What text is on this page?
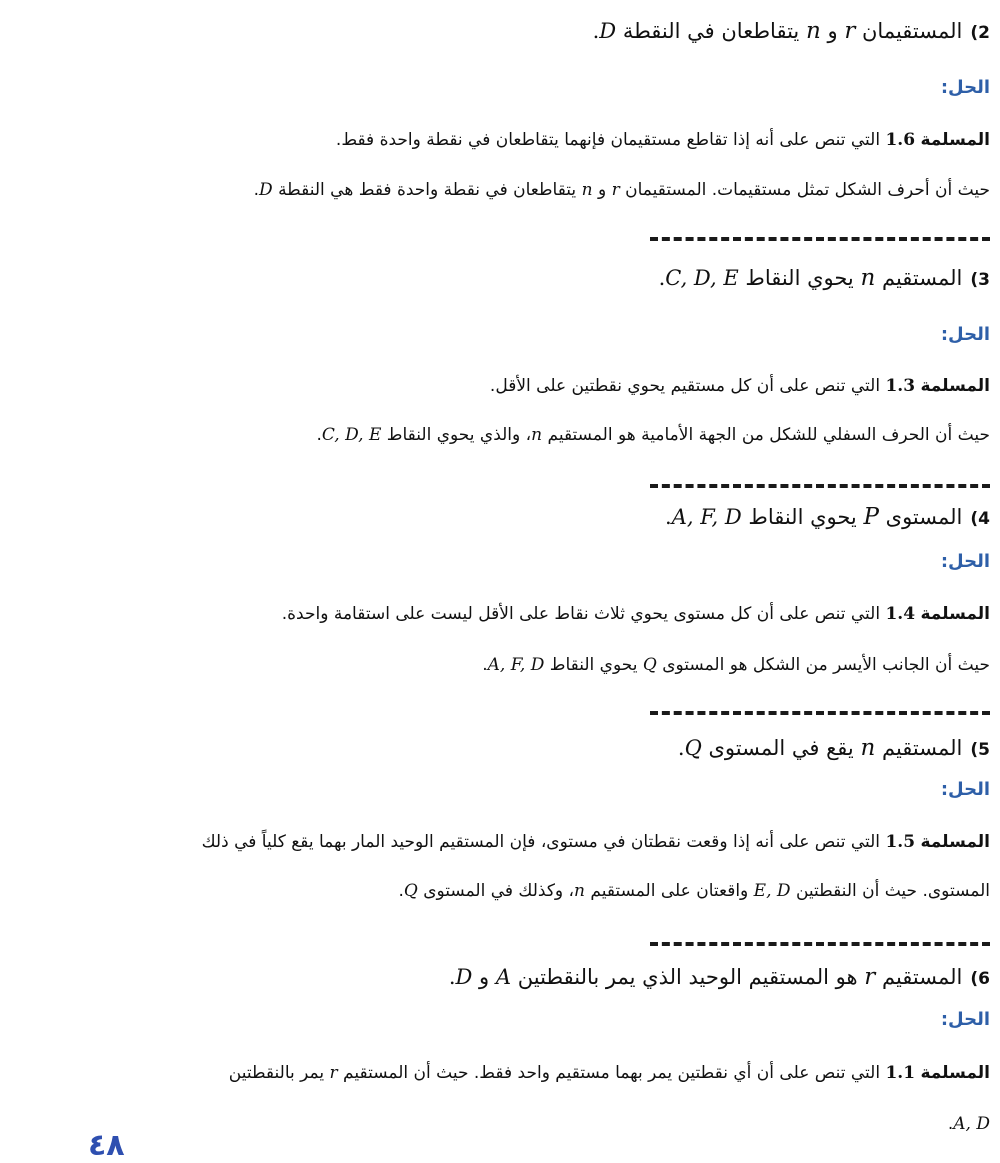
2)المستقيمان r و n يتقاطعان في النقطة D.
الحل:
المسلمة 1.6 التي تنص على أنه إذا تقاطع مستقيمان فإنهما يتقاطعان في نقطة واحدة فقط.
حيث أن أحرف الشكل تمثل مستقيمات. المستقيمان r و n يتقاطعان في نقطة واحدة فقط هي النقطة D.
3)المستقيم n يحوي النقاط C, D, E.
الحل:
المسلمة 1.3 التي تنص على أن كل مستقيم يحوي نقطتين على الأقل.
حيث أن الحرف السفلي للشكل من الجهة الأمامية هو المستقيم n، والذي يحوي النقاط C, D, E.
4)المستوى P يحوي النقاط A, F, D.
الحل:
المسلمة 1.4 التي تنص على أن كل مستوى يحوي ثلاث نقاط على الأقل ليست على استقامة واحدة.
حيث أن الجانب الأيسر من الشكل هو المستوى Q يحوي النقاط A, F, D.
5)المستقيم n يقع في المستوى Q.
الحل:
المسلمة 1.5 التي تنص على أنه إذا وقعت نقطتان في مستوى، فإن المستقيم الوحيد المار بهما يقع كلياً في ذلك
المستوى. حيث أن النقطتين E, D واقعتان على المستقيم n، وكذلك في المستوى Q.
6)المستقيم r هو المستقيم الوحيد الذي يمر بالنقطتين A و D.
الحل:
المسلمة 1.1 التي تنص على أن أي نقطتين يمر بهما مستقيم واحد فقط. حيث أن المستقيم r يمر بالنقطتين
.A, D
٤٨
